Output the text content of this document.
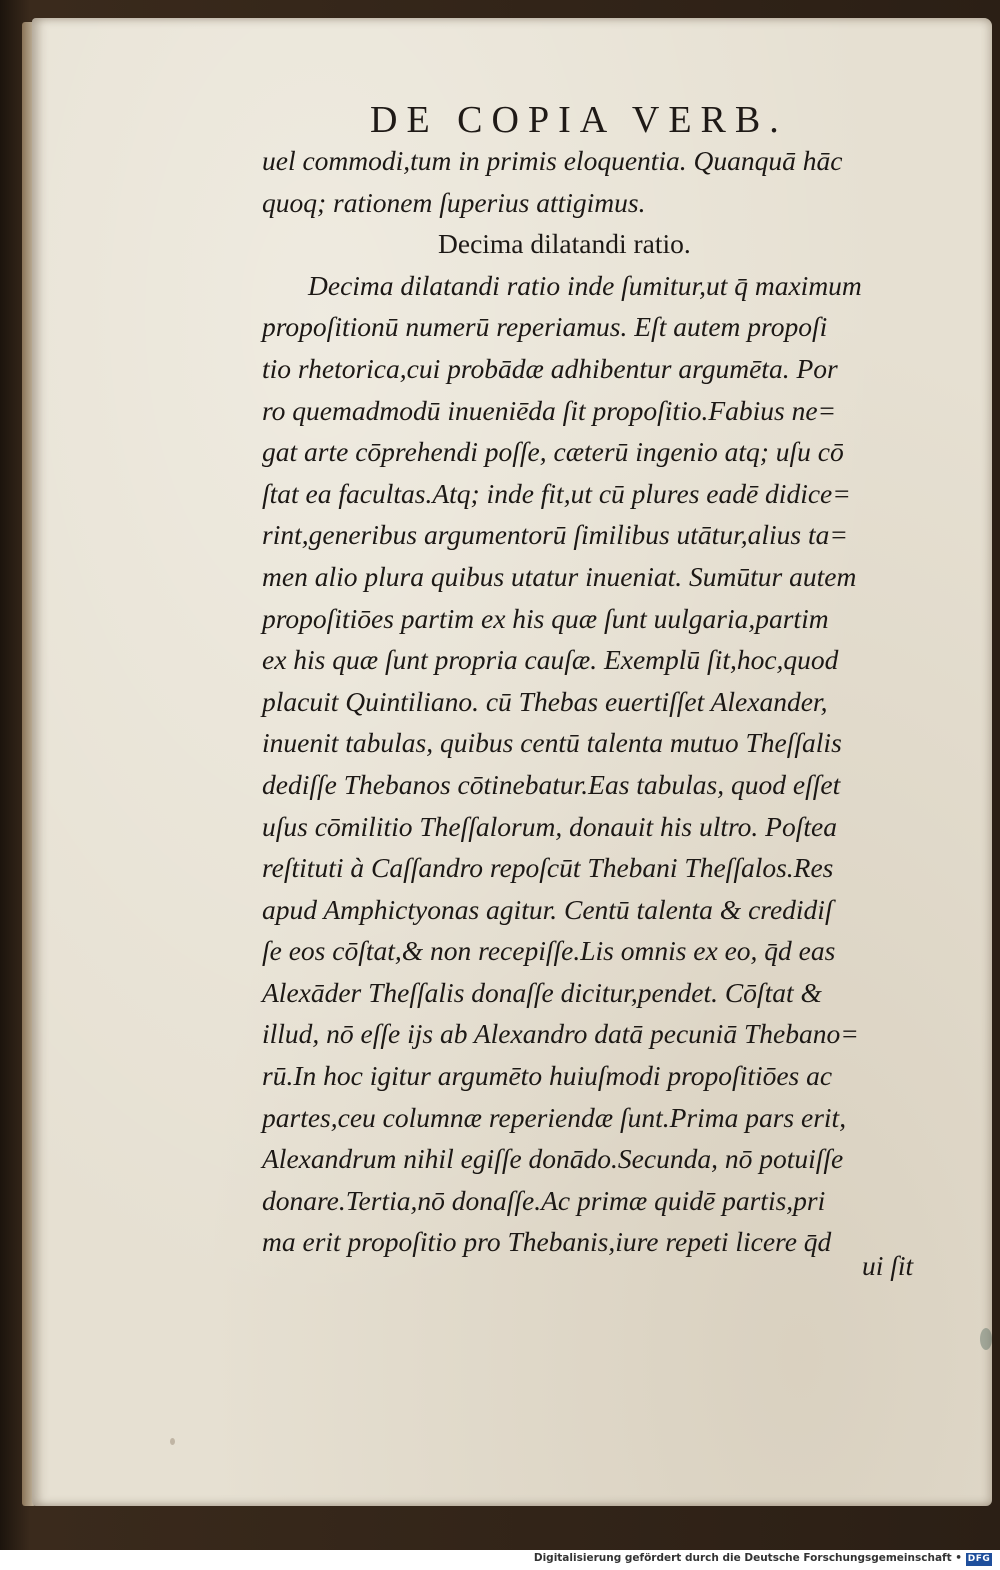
DE COPIA VERB.
uel commodi,tum in primis eloquentia. Quanquā hāc
quoq; rationem ſuperius attigimus.
Decima dilatandi ratio.
Decima dilatandi ratio inde ſumitur,ut q̄ maximum
propoſitionū numerū reperiamus. Eſt autem propoſi
tio rhetorica,cui probādæ adhibentur argumēta. Por
ro quemadmodū inueniēda ſit propoſitio.Fabius ne=
gat arte cōprehendi poſſe, cæterū ingenio atq; uſu cō
ſtat ea facultas.Atq; inde fit,ut cū plures eadē didice=
rint,generibus argumentorū ſimilibus utātur,alius ta=
men alio plura quibus utatur inueniat. Sumūtur autem
propoſitiōes partim ex his quæ ſunt uulgaria,partim
ex his quæ ſunt propria cauſæ. Exemplū ſit,hoc,quod
placuit Quintiliano. cū Thebas euertiſſet Alexander,
inuenit tabulas, quibus centū talenta mutuo Theſſalis
dediſſe Thebanos cōtinebatur.Eas tabulas, quod eſſet
uſus cōmilitio Theſſalorum, donauit his ultro. Poſtea
reſtituti à Caſſandro repoſcūt Thebani Theſſalos.Res
apud Amphictyonas agitur. Centū talenta & credidiſ
ſe eos cōſtat,& non recepiſſe.Lis omnis ex eo, q̄d eas
Alexāder Theſſalis donaſſe dicitur,pendet. Cōſtat &
illud, nō eſſe ijs ab Alexandro datā pecuniā Thebano=
rū.In hoc igitur argumēto huiuſmodi propoſitiōes ac
partes,ceu columnæ reperiendæ ſunt.Prima pars erit,
Alexandrum nihil egiſſe donādo.Secunda, nō potuiſſe
donare.Tertia,nō donaſſe.Ac primæ quidē partis,pri
ma erit propoſitio pro Thebanis,iure repeti licere q̄d
ui ſit
Digitalisierung gefördert durch die Deutsche Forschungsgemeinschaft • DFG
